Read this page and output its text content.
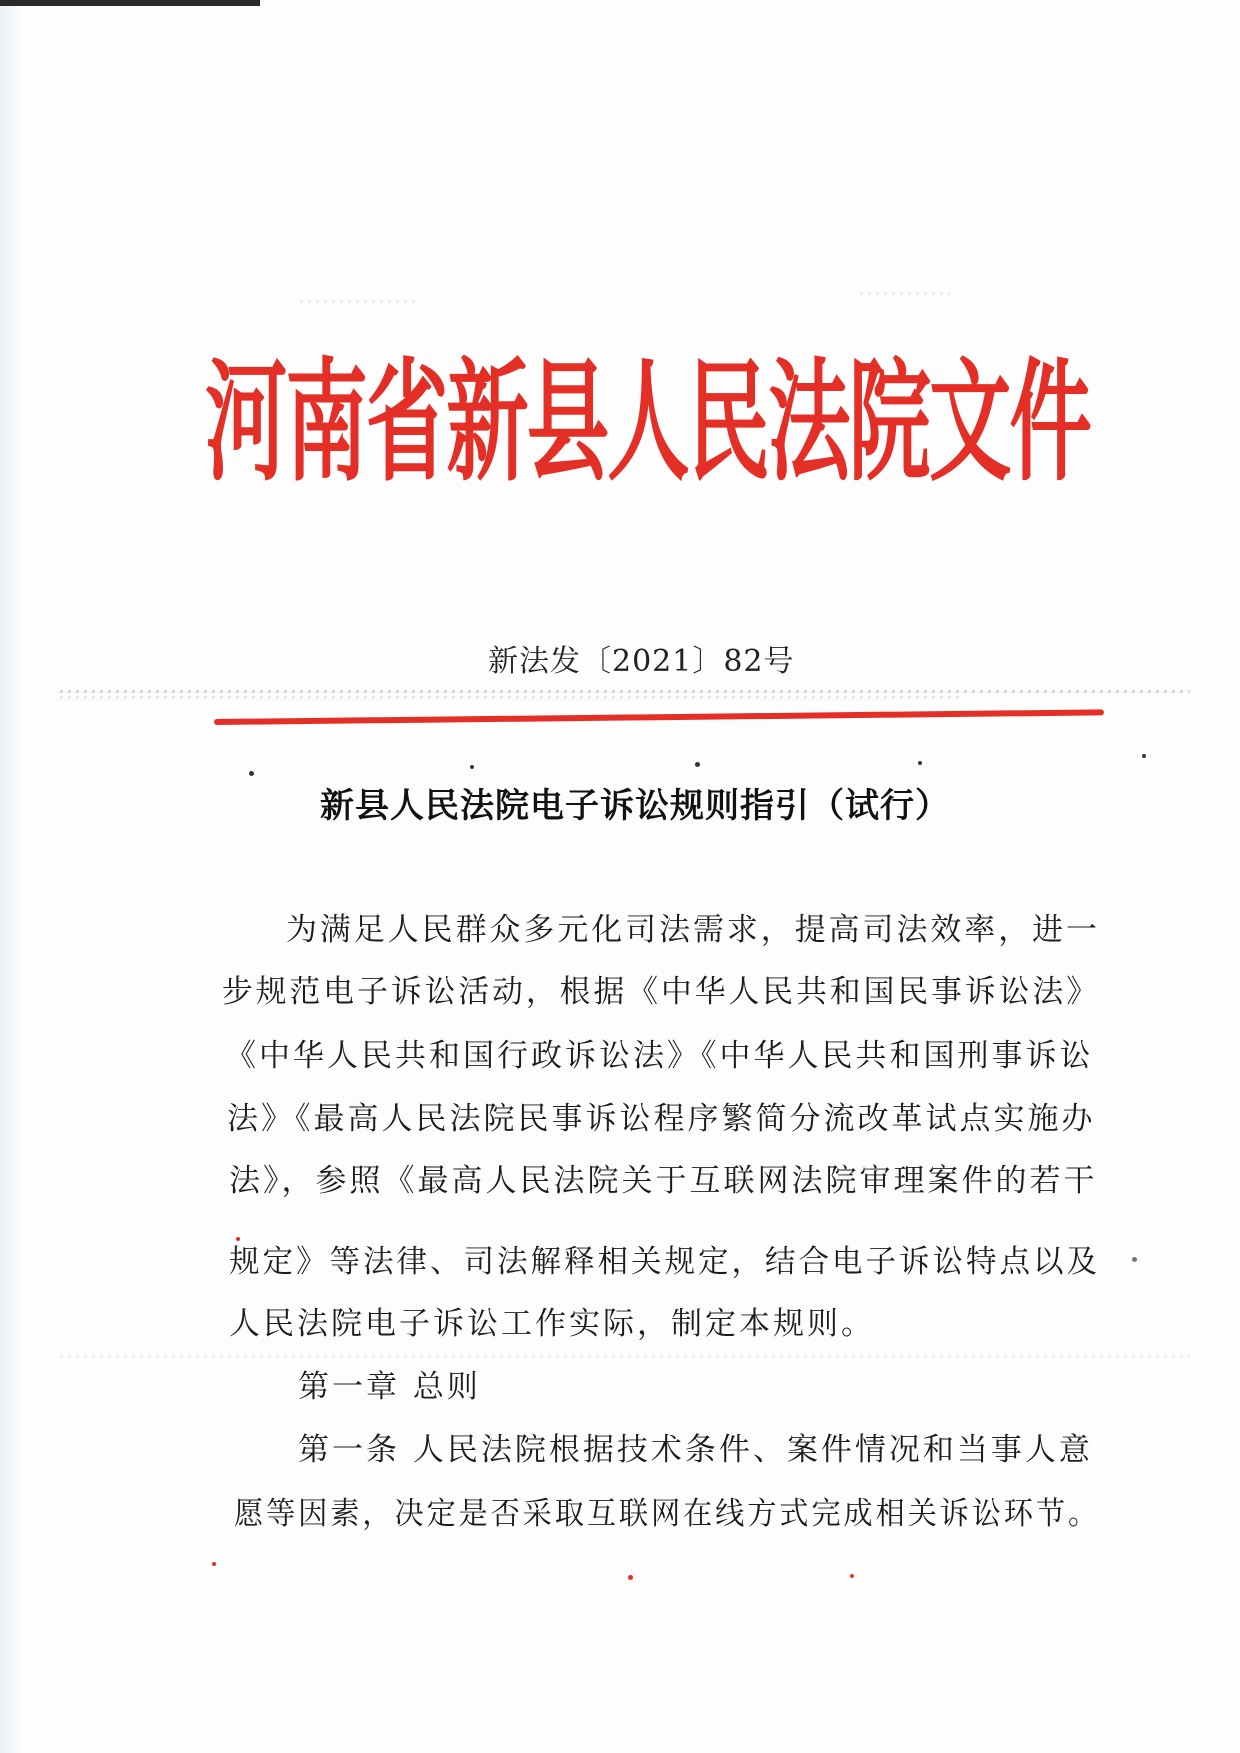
河南省新县人民法院文件
新法发〔2021〕82号
新县人民法院电子诉讼规则指引（试行）
为满足人民群众多元化司法需求，提高司法效率，进一
步规范电子诉讼活动，根据《中华人民共和国民事诉讼法》
《中华人民共和国行政诉讼法》《中华人民共和国刑事诉讼
法》《最高人民法院民事诉讼程序繁简分流改革试点实施办
法》，参照《最高人民法院关于互联网法院审理案件的若干
规定》等法律、司法解释相关规定，结合电子诉讼特点以及
人民法院电子诉讼工作实际，制定本规则。
第一章 总则
第一条 人民法院根据技术条件、案件情况和当事人意
愿等因素，决定是否采取互联网在线方式完成相关诉讼环节。
